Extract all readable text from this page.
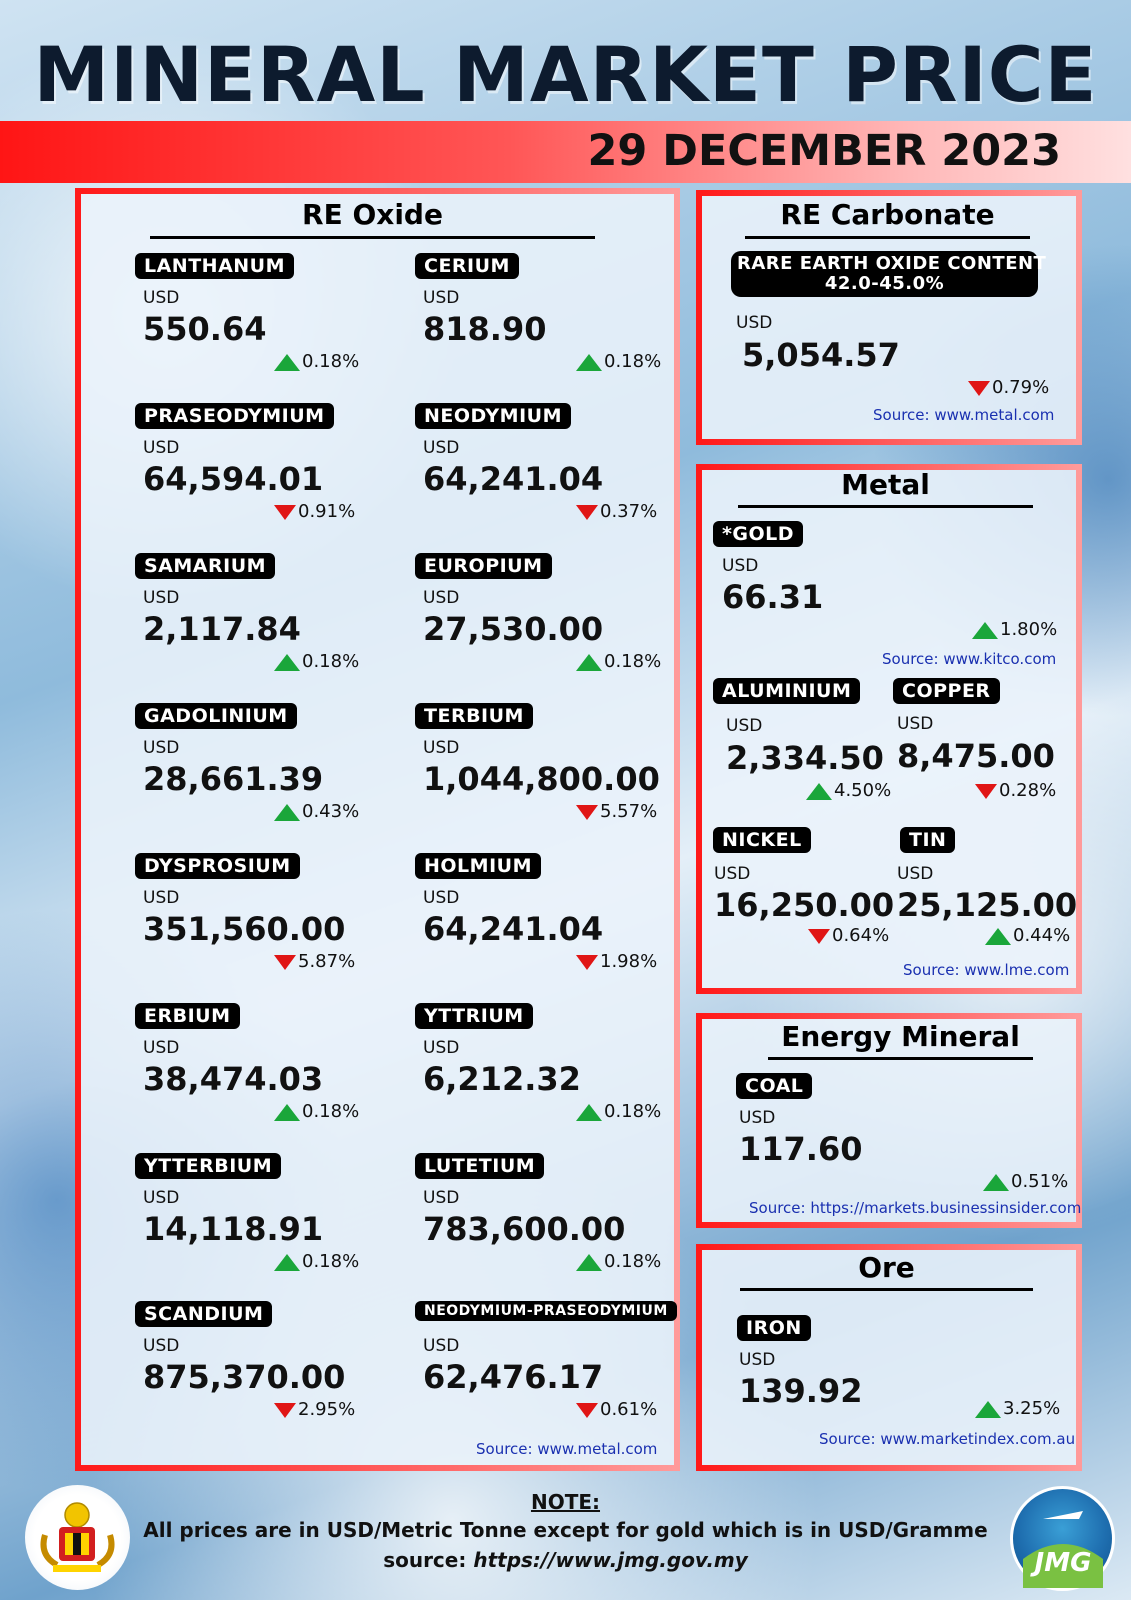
MINERAL MARKET PRICE
29 DECEMBER 2023
RE Oxide
LANTHANUM
USD
550.64
0.18%
CERIUM
USD
818.90
0.18%
PRASEODYMIUM
USD
64,594.01
0.91%
NEODYMIUM
USD
64,241.04
0.37%
SAMARIUM
USD
2,117.84
0.18%
EUROPIUM
USD
27,530.00
0.18%
GADOLINIUM
USD
28,661.39
0.43%
TERBIUM
USD
1,044,800.00
5.57%
DYSPROSIUM
USD
351,560.00
5.87%
HOLMIUM
USD
64,241.04
1.98%
ERBIUM
USD
38,474.03
0.18%
YTTRIUM
USD
6,212.32
0.18%
YTTERBIUM
USD
14,118.91
0.18%
LUTETIUM
USD
783,600.00
0.18%
SCANDIUM
USD
875,370.00
2.95%
NEODYMIUM-PRASEODYMIUM
USD
62,476.17
0.61%
Source: www.metal.com
RE Carbonate
RARE EARTH OXIDE CONTENT
42.0-45.0%
USD
5,054.57
0.79%
Source: www.metal.com
Metal
*GOLD
USD
66.31
1.80%
Source: www.kitco.com
ALUMINIUM
USD
2,334.50
4.50%
COPPER
USD
8,475.00
0.28%
NICKEL
USD
16,250.00
0.64%
TIN
USD
25,125.00
0.44%
Source: www.lme.com
Energy Mineral
COAL
USD
117.60
0.51%
Source: https://markets.businessinsider.com
Ore
IRON
USD
139.92	3.25%
Source: www.marketindex.com.au
NOTE:
All prices are in USD/Metric Tonne except for gold which is in USD/Gramme
source: https://www.jmg.gov.my	JMG
